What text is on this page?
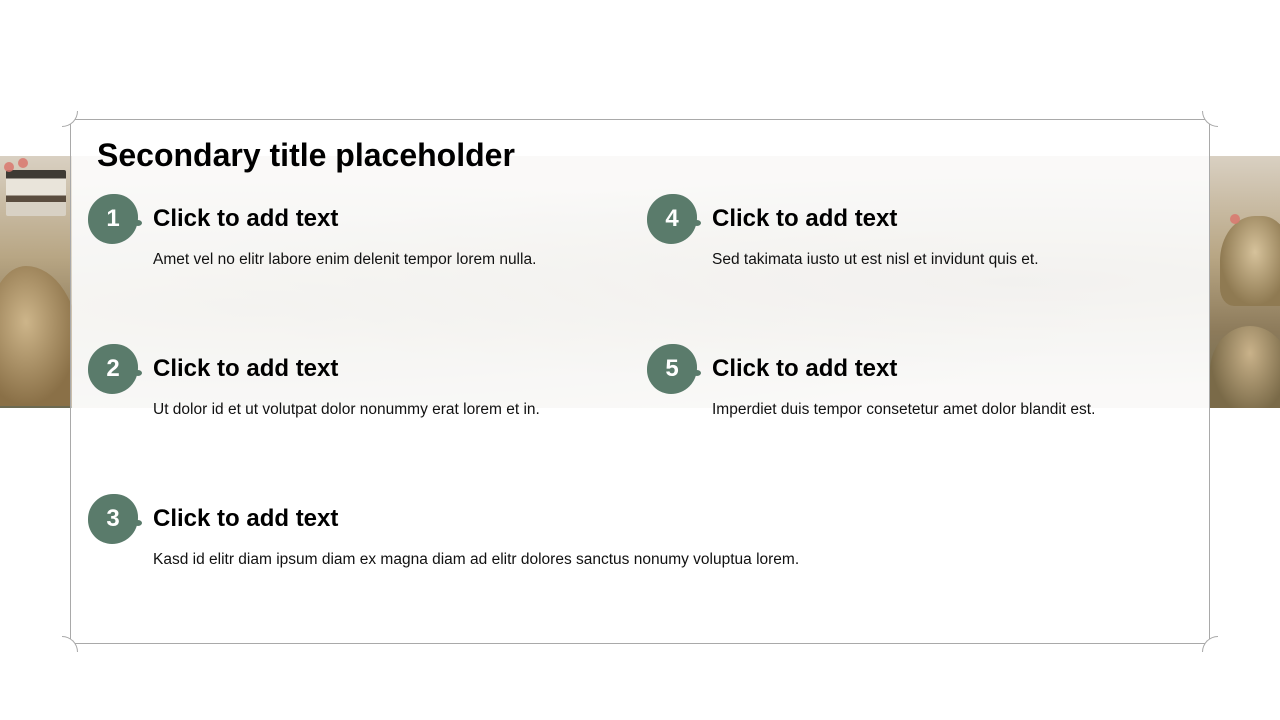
Secondary title placeholder
1	Click to add text

Amet vel no elitr labore enim delenit tempor lorem nulla.

2	Click to add text

Ut dolor id et ut volutpat dolor nonummy erat lorem et in.

3	Click to add text

Kasd id elitr diam ipsum diam ex magna diam ad elitr dolores sanctus nonumy voluptua lorem.

4	Click to add text

Sed takimata iusto ut est nisl et invidunt quis et.

5	Click to add text

Imperdiet duis tempor consetetur amet dolor blandit est.
